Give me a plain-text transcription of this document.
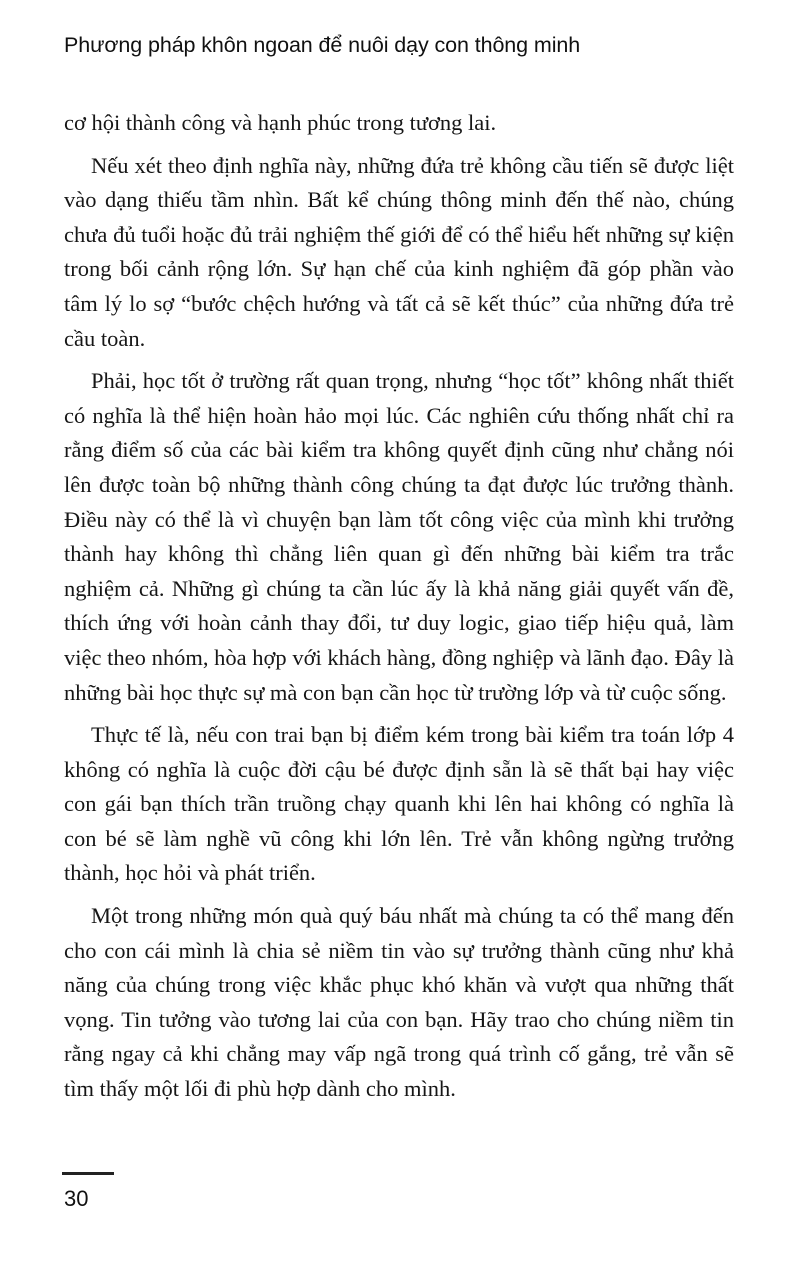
Phương pháp khôn ngoan để nuôi dạy con thông minh

cơ hội thành công và hạnh phúc trong tương lai.

Nếu xét theo định nghĩa này, những đứa trẻ không cầu tiến sẽ được liệt vào dạng thiếu tầm nhìn. Bất kể chúng thông minh đến thế nào, chúng chưa đủ tuổi hoặc đủ trải nghiệm thế giới để có thể hiểu hết những sự kiện trong bối cảnh rộng lớn. Sự hạn chế của kinh nghiệm đã góp phần vào tâm lý lo sợ “bước chệch hướng và tất cả sẽ kết thúc” của những đứa trẻ cầu toàn.

Phải, học tốt ở trường rất quan trọng, nhưng “học tốt” không nhất thiết có nghĩa là thể hiện hoàn hảo mọi lúc. Các nghiên cứu thống nhất chỉ ra rằng điểm số của các bài kiểm tra không quyết định cũng như chẳng nói lên được toàn bộ những thành công chúng ta đạt được lúc trưởng thành. Điều này có thể là vì chuyện bạn làm tốt công việc của mình khi trưởng thành hay không thì chẳng liên quan gì đến những bài kiểm tra trắc nghiệm cả. Những gì chúng ta cần lúc ấy là khả năng giải quyết vấn đề, thích ứng với hoàn cảnh thay đổi, tư duy logic, giao tiếp hiệu quả, làm việc theo nhóm, hòa hợp với khách hàng, đồng nghiệp và lãnh đạo. Đây là những bài học thực sự mà con bạn cần học từ trường lớp và từ cuộc sống.

Thực tế là, nếu con trai bạn bị điểm kém trong bài kiểm tra toán lớp 4 không có nghĩa là cuộc đời cậu bé được định sẵn là sẽ thất bại hay việc con gái bạn thích trần truồng chạy quanh khi lên hai không có nghĩa là con bé sẽ làm nghề vũ công khi lớn lên. Trẻ vẫn không ngừng trưởng thành, học hỏi và phát triển.

Một trong những món quà quý báu nhất mà chúng ta có thể mang đến cho con cái mình là chia sẻ niềm tin vào sự trưởng thành cũng như khả năng của chúng trong việc khắc phục khó khăn và vượt qua những thất vọng. Tin tưởng vào tương lai của con bạn. Hãy trao cho chúng niềm tin rằng ngay cả khi chẳng may vấp ngã trong quá trình cố gắng, trẻ vẫn sẽ tìm thấy một lối đi phù hợp dành cho mình.

30
